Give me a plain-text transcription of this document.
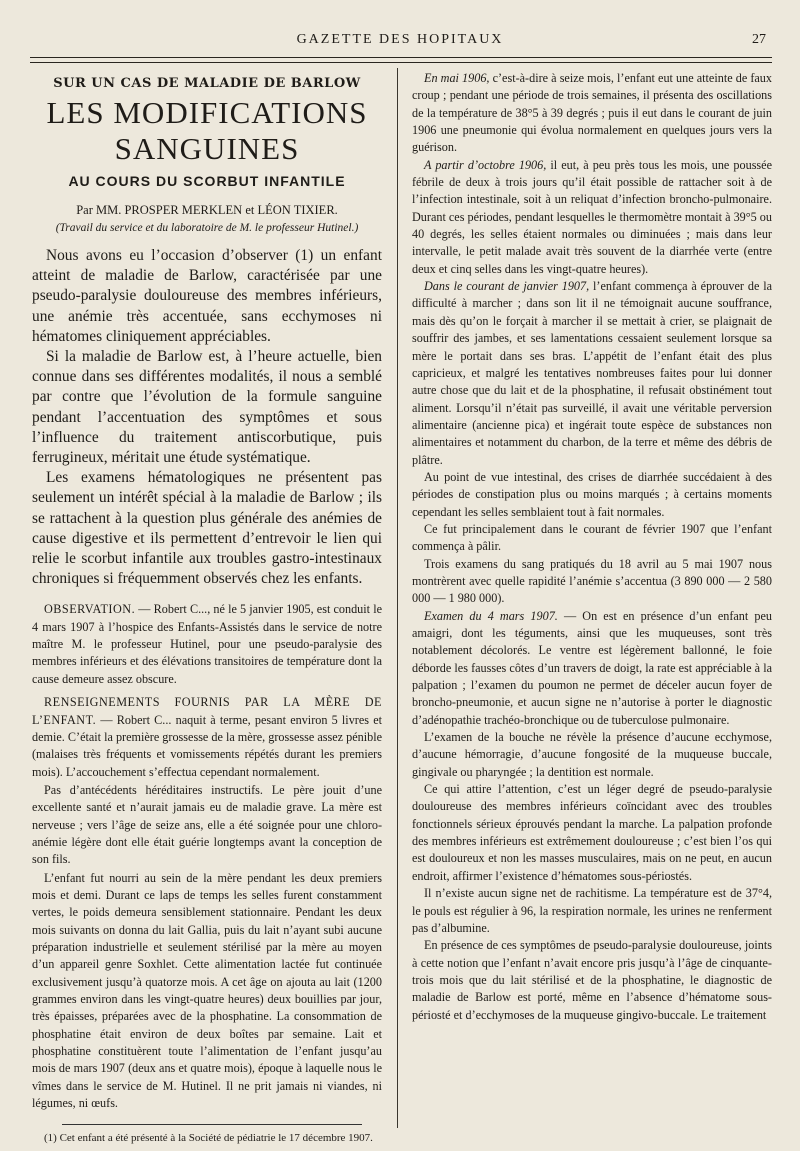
GAZETTE DES HOPITAUX	27
SUR UN CAS DE MALADIE DE BARLOW
LES MODIFICATIONS SANGUINES
AU COURS DU SCORBUT INFANTILE
Par MM. PROSPER MERKLEN et LÉON TIXIER.
(Travail du service et du laboratoire de M. le professeur Hutinel.)

Nous avons eu l’occasion d’observer (1) un enfant atteint de maladie de Barlow, caractérisée par une pseudo-paralysie douloureuse des membres inférieurs, une anémie très accentuée, sans ecchymoses ni hématomes cliniquement appréciables.

Si la maladie de Barlow est, à l’heure actuelle, bien connue dans ses différentes modalités, il nous a semblé par contre que l’évolution de la formule sanguine pendant l’accentuation des symptômes et sous l’influence du traitement antiscorbutique, puis ferrugineux, méritait une étude systématique.

Les examens hématologiques ne présentent pas seulement un intérêt spécial à la maladie de Barlow ; ils se rattachent à la question plus générale des anémies de cause digestive et ils permettent d’entrevoir le lien qui relie le scorbut infantile aux troubles gastro-intestinaux chroniques si fréquemment observés chez les enfants.

OBSERVATION. — Robert C..., né le 5 janvier 1905, est conduit le 4 mars 1907 à l’hospice des Enfants-Assistés dans le service de notre maître M. le professeur Hutinel, pour une pseudo-paralysie des membres inférieurs et des élévations transitoires de température dont la cause demeure assez obscure.

RENSEIGNEMENTS FOURNIS PAR LA MÈRE DE L’ENFANT. — Robert C... naquit à terme, pesant environ 5 livres et demie. C’était la première grossesse de la mère, grossesse assez pénible (malaises très fréquents et vomissements répétés durant les premiers mois). L’accouchement s’effectua cependant normalement.

Pas d’antécédents héréditaires instructifs. Le père jouit d’une excellente santé et n’aurait jamais eu de maladie grave. La mère est nerveuse ; vers l’âge de seize ans, elle a été soignée pour une chloro-anémie légère dont elle était guérie longtemps avant la conception de son fils.

L’enfant fut nourri au sein de la mère pendant les deux premiers mois et demi. Durant ce laps de temps les selles furent constamment vertes, le poids demeura sensiblement stationnaire. Pendant les deux mois suivants on donna du lait Gallia, puis du lait n’ayant subi aucune préparation industrielle et seulement stérilisé par la mère au moyen d’un appareil genre Soxhlet. Cette alimentation lactée fut continuée exclusivement jusqu’à quatorze mois. A cet âge on ajouta au lait (1200 grammes environ dans les vingt-quatre heures) deux bouillies par jour, très épaisses, préparées avec de la phosphatine. La consommation de phosphatine était environ de deux boîtes par semaine. Lait et phosphatine constituèrent toute l’alimentation de l’enfant jusqu’au mois de mars 1907 (deux ans et quatre mois), époque à laquelle nous le vîmes dans le service de M. Hutinel. Il ne prit jamais ni viandes, ni légumes, ni œufs.

(1) Cet enfant a été présenté à la Société de pédiatrie le 17 décembre 1907.

En mai 1906, c’est-à-dire à seize mois, l’enfant eut une atteinte de faux croup ; pendant une période de trois semaines, il présenta des oscillations de la température de 38°5 à 39 degrés ; puis il eut dans le courant de juin 1906 une pneumonie qui évolua normalement en quelques jours vers la guérison.

A partir d’octobre 1906, il eut, à peu près tous les mois, une poussée fébrile de deux à trois jours qu’il était possible de rattacher soit à de l’infection intestinale, soit à un reliquat d’infection broncho-pulmonaire. Durant ces périodes, pendant lesquelles le thermomètre montait à 39°5 ou 40 degrés, les selles étaient normales ou diminuées ; mais dans leur intervalle, le petit malade avait très souvent de la diarrhée verte (entre deux et cinq selles dans les vingt-quatre heures).

Dans le courant de janvier 1907, l’enfant commença à éprouver de la difficulté à marcher ; dans son lit il ne témoignait aucune souffrance, mais dès qu’on le forçait à marcher il se mettait à crier, se plaignait de souffrir des jambes, et ses lamentations cessaient seulement lorsque sa mère le portait dans ses bras. L’appétit de l’enfant était des plus capricieux, et malgré les tentatives nombreuses faites pour lui donner autre chose que du lait et de la phosphatine, il refusait obstinément tout aliment. Lorsqu’il n’était pas surveillé, il avait une véritable perversion alimentaire (ancienne pica) et ingérait toute espèce de substances non alimentaires et notamment du charbon, de la terre et même des débris de plâtre.

Au point de vue intestinal, des crises de diarrhée succédaient à des périodes de constipation plus ou moins marqués ; à certains moments cependant les selles semblaient tout à fait normales.

Ce fut principalement dans le courant de février 1907 que l’enfant commença à pâlir.

Trois examens du sang pratiqués du 18 avril au 5 mai 1907 nous montrèrent avec quelle rapidité l’anémie s’accentua (3 890 000 — 2 580 000 — 1 980 000).

Examen du 4 mars 1907. — On est en présence d’un enfant peu amaigri, dont les téguments, ainsi que les muqueuses, sont très notablement décolorés. Le ventre est légèrement ballonné, le foie déborde les fausses côtes d’un travers de doigt, la rate est appréciable à la palpation ; l’examen du poumon ne permet de déceler aucun foyer de broncho-pneumonie, et aucun signe ne n’autorise à porter le diagnostic d’adénopathie trachéo-bronchique ou de tuberculose pulmonaire.

L’examen de la bouche ne révèle la présence d’aucune ecchymose, d’aucune hémorragie, d’aucune fongosité de la muqueuse buccale, gingivale ou pharyngée ; la dentition est normale.

Ce qui attire l’attention, c’est un léger degré de pseudo-paralysie douloureuse des membres inférieurs coïncidant avec des troubles fonctionnels sérieux éprouvés pendant la marche. La palpation profonde des membres inférieurs est extrêmement douloureuse ; c’est bien l’os qui est douloureux et non les masses musculaires, mais on ne peut, en aucun endroit, affirmer l’existence d’hématomes sous-périostés.

Il n’existe aucun signe net de rachitisme. La température est de 37°4, le pouls est régulier à 96, la respiration normale, les urines ne renferment pas d’albumine.

En présence de ces symptômes de pseudo-paralysie douloureuse, joints à cette notion que l’enfant n’avait encore pris jusqu’à l’âge de cinquante-trois mois que du lait stérilisé et de la phosphatine, le diagnostic de maladie de Barlow est porté, même en l’absence d’hématome sous-périosté et d’ecchymoses de la muqueuse gingivo-buccale. Le traitement
